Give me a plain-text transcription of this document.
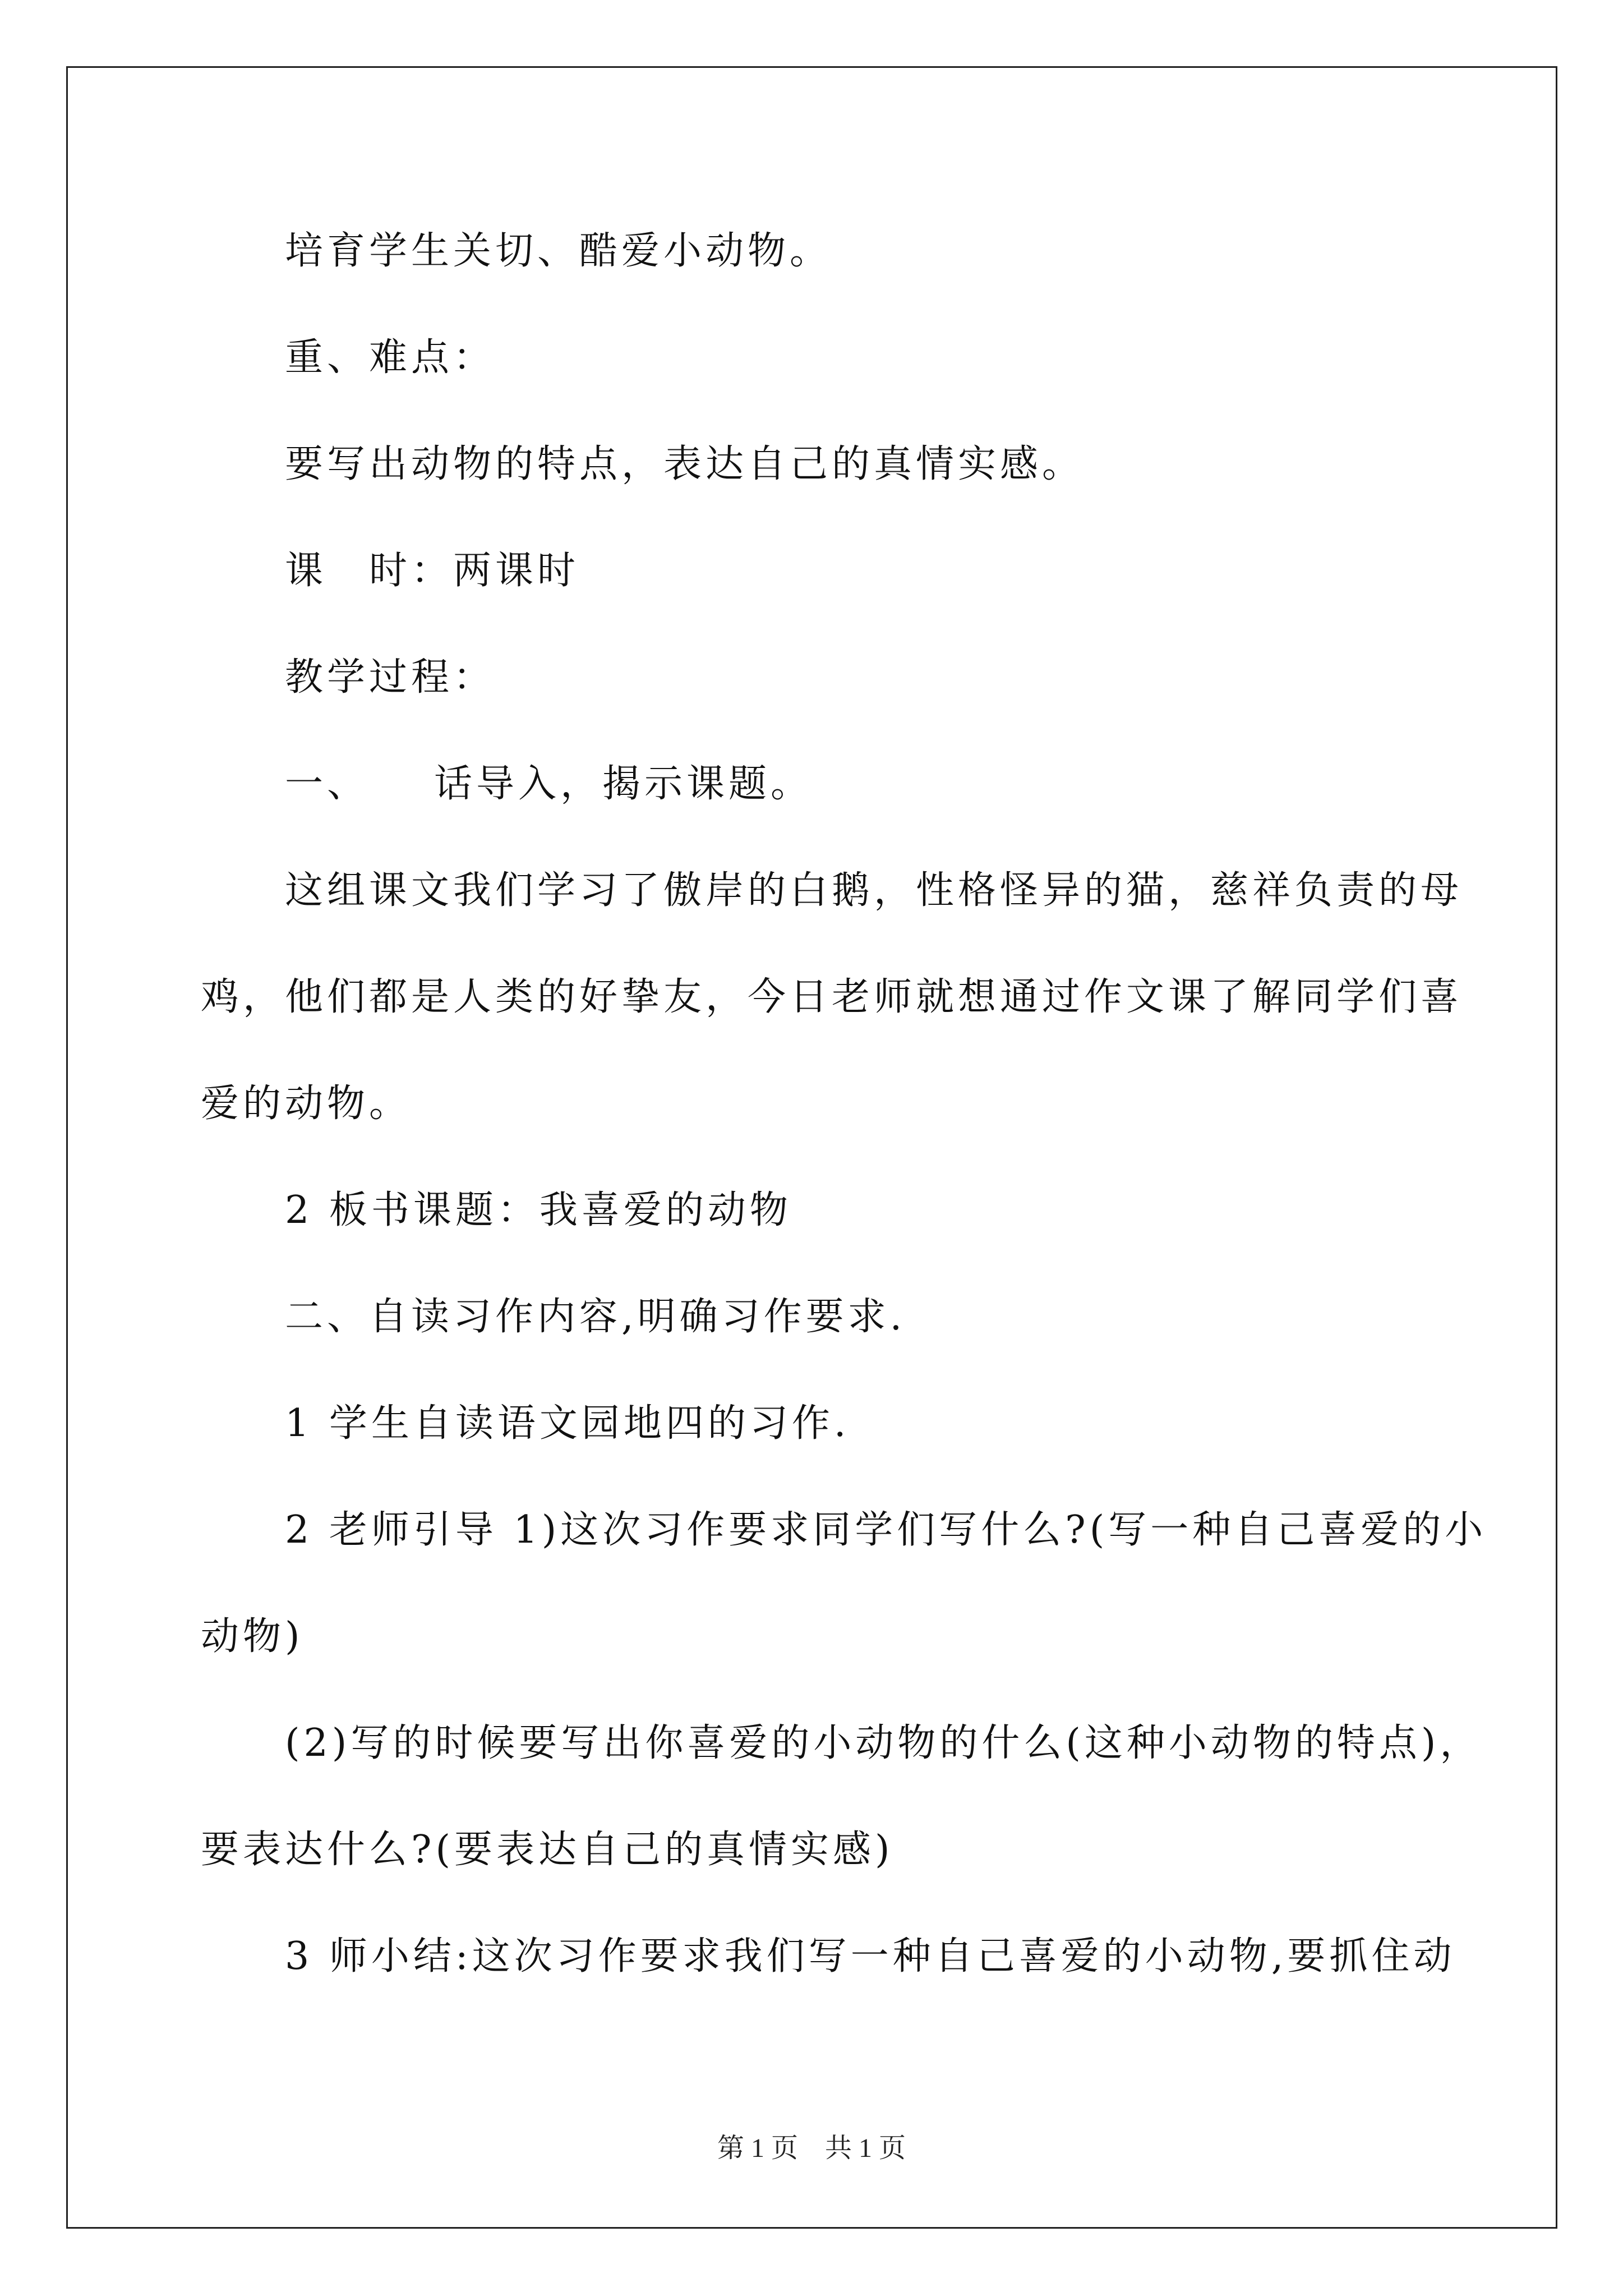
培育学生关切、酷爱小动物。
重、难点：
要写出动物的特点，表达自己的真情实感。
课　时：两课时
教学过程：
一、　　话导入，揭示课题。
这组课文我们学习了傲岸的白鹅，性格怪异的猫，慈祥负责的母
鸡，他们都是人类的好挚友，今日老师就想通过作文课了解同学们喜
爱的动物。
2 板书课题：我喜爱的动物
二、自读习作内容,明确习作要求.
1 学生自读语文园地四的习作.
2 老师引导 1)这次习作要求同学们写什么?(写一种自己喜爱的小
动物)
(2)写的时候要写出你喜爱的小动物的什么(这种小动物的特点)，
要表达什么?(要表达自己的真情实感)
3 师小结:这次习作要求我们写一种自己喜爱的小动物,要抓住动
第 1 页　共 1 页
